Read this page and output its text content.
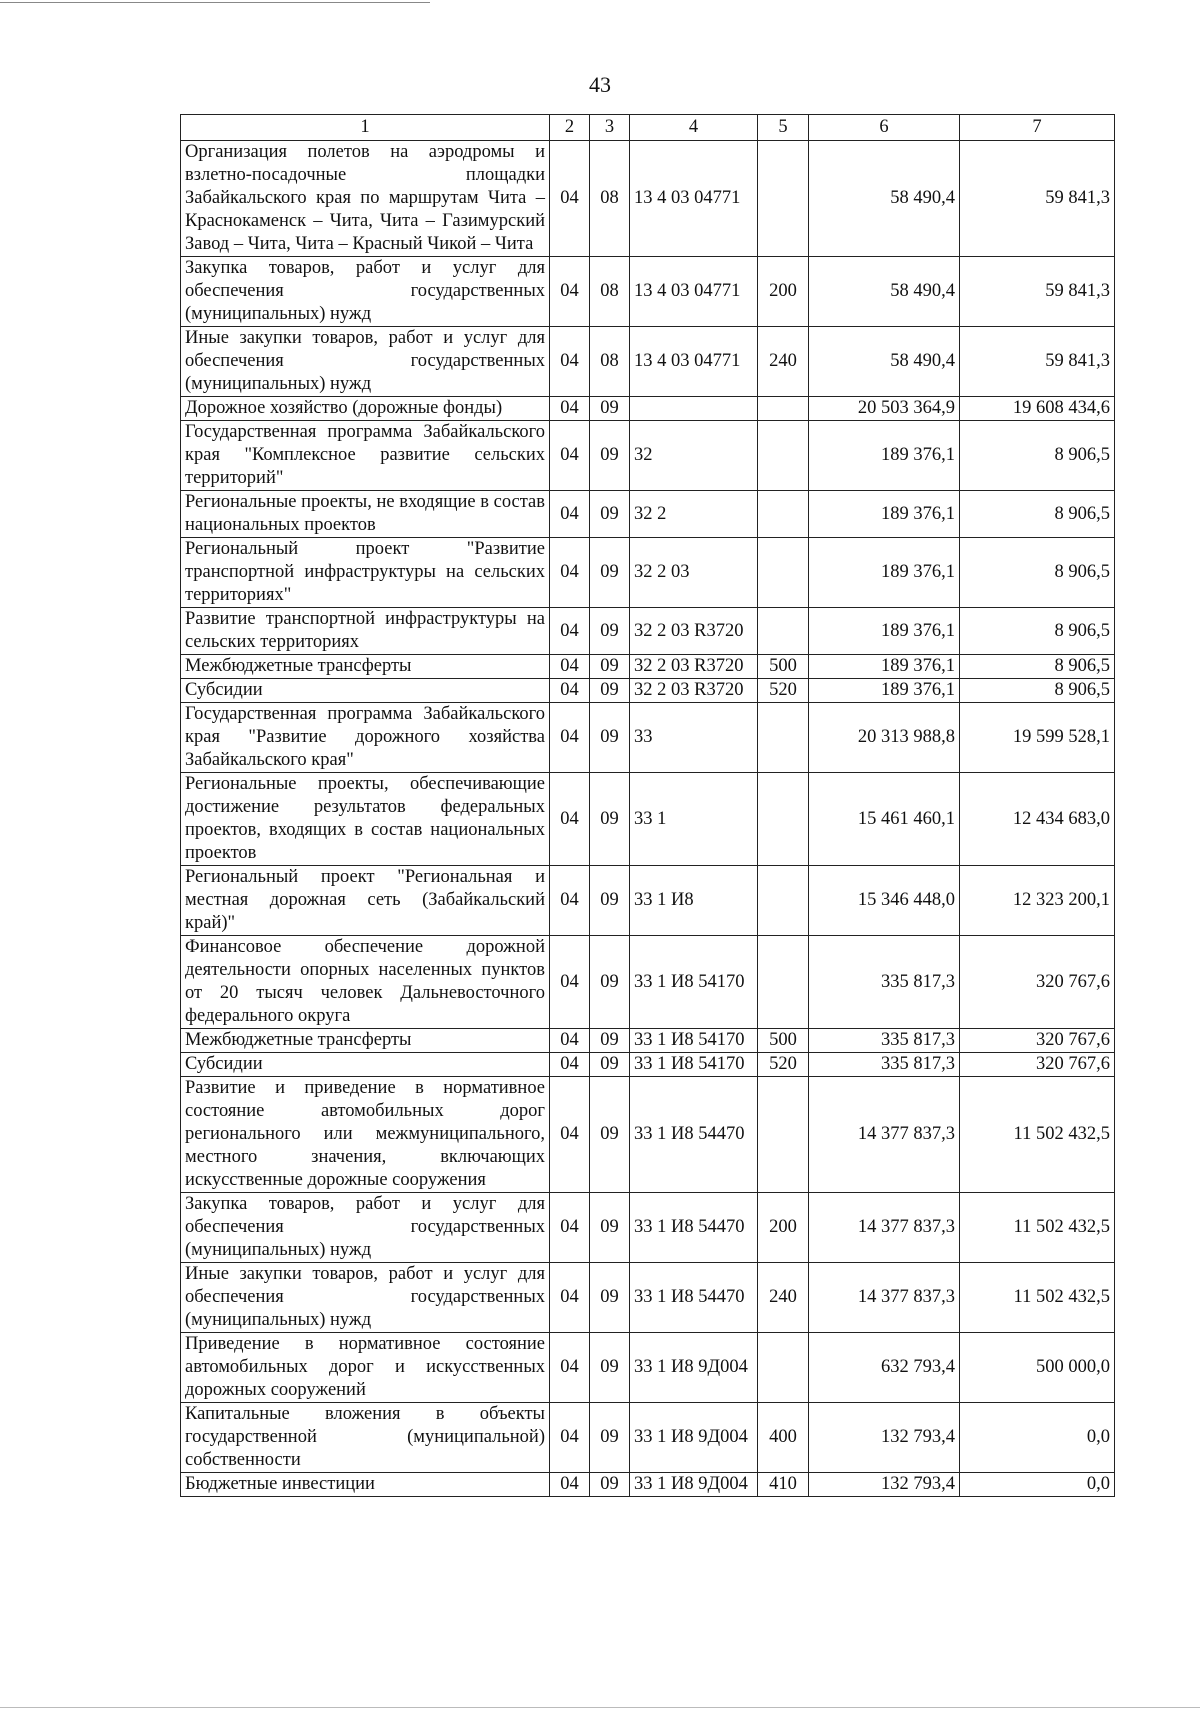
43
1	2	3	4	5	6	7
Организация полетов на аэродромы и взлетно-посадочные площадки Забайкальского края по маршрутам Чита – Краснокаменск – Чита, Чита – Газимурский Завод – Чита, Чита – Красный Чикой – Чита	04	08	13 4 03 04771		58 490,4	59 841,3
Закупка товаров, работ и услуг для обеспечения государственных (муниципальных) нужд	04	08	13 4 03 04771	200	58 490,4	59 841,3
Иные закупки товаров, работ и услуг для обеспечения государственных (муниципальных) нужд	04	08	13 4 03 04771	240	58 490,4	59 841,3
Дорожное хозяйство (дорожные фонды)	04	09			20 503 364,9	19 608 434,6
Государственная программа Забайкальского края "Комплексное развитие сельских территорий"	04	09	32		189 376,1	8 906,5
Региональные проекты, не входящие в состав национальных проектов	04	09	32 2		189 376,1	8 906,5
Региональный проект "Развитие транспортной инфраструктуры на сельских территориях"	04	09	32 2 03		189 376,1	8 906,5
Развитие транспортной инфраструктуры на сельских территориях	04	09	32 2 03 R3720		189 376,1	8 906,5
Межбюджетные трансферты	04	09	32 2 03 R3720	500	189 376,1	8 906,5
Субсидии	04	09	32 2 03 R3720	520	189 376,1	8 906,5
Государственная программа Забайкальского края "Развитие дорожного хозяйства Забайкальского края"	04	09	33		20 313 988,8	19 599 528,1
Региональные проекты, обеспечивающие достижение результатов федеральных проектов, входящих в состав национальных проектов	04	09	33 1		15 461 460,1	12 434 683,0
Региональный проект "Региональная и местная дорожная сеть (Забайкальский край)"	04	09	33 1 И8		15 346 448,0	12 323 200,1
Финансовое обеспечение дорожной деятельности опорных населенных пунктов от 20 тысяч человек Дальневосточного федерального округа	04	09	33 1 И8 54170		335 817,3	320 767,6
Межбюджетные трансферты	04	09	33 1 И8 54170	500	335 817,3	320 767,6
Субсидии	04	09	33 1 И8 54170	520	335 817,3	320 767,6
Развитие и приведение в нормативное состояние автомобильных дорог регионального или межмуниципального, местного значения, включающих искусственные дорожные сооружения	04	09	33 1 И8 54470		14 377 837,3	11 502 432,5
Закупка товаров, работ и услуг для обеспечения государственных (муниципальных) нужд	04	09	33 1 И8 54470	200	14 377 837,3	11 502 432,5
Иные закупки товаров, работ и услуг для обеспечения государственных (муниципальных) нужд	04	09	33 1 И8 54470	240	14 377 837,3	11 502 432,5
Приведение в нормативное состояние автомобильных дорог и искусственных дорожных сооружений	04	09	33 1 И8 9Д004		632 793,4	500 000,0
Капитальные вложения в объекты государственной (муниципальной) собственности	04	09	33 1 И8 9Д004	400	132 793,4	0,0
Бюджетные инвестиции	04	09	33 1 И8 9Д004	410	132 793,4	0,0
